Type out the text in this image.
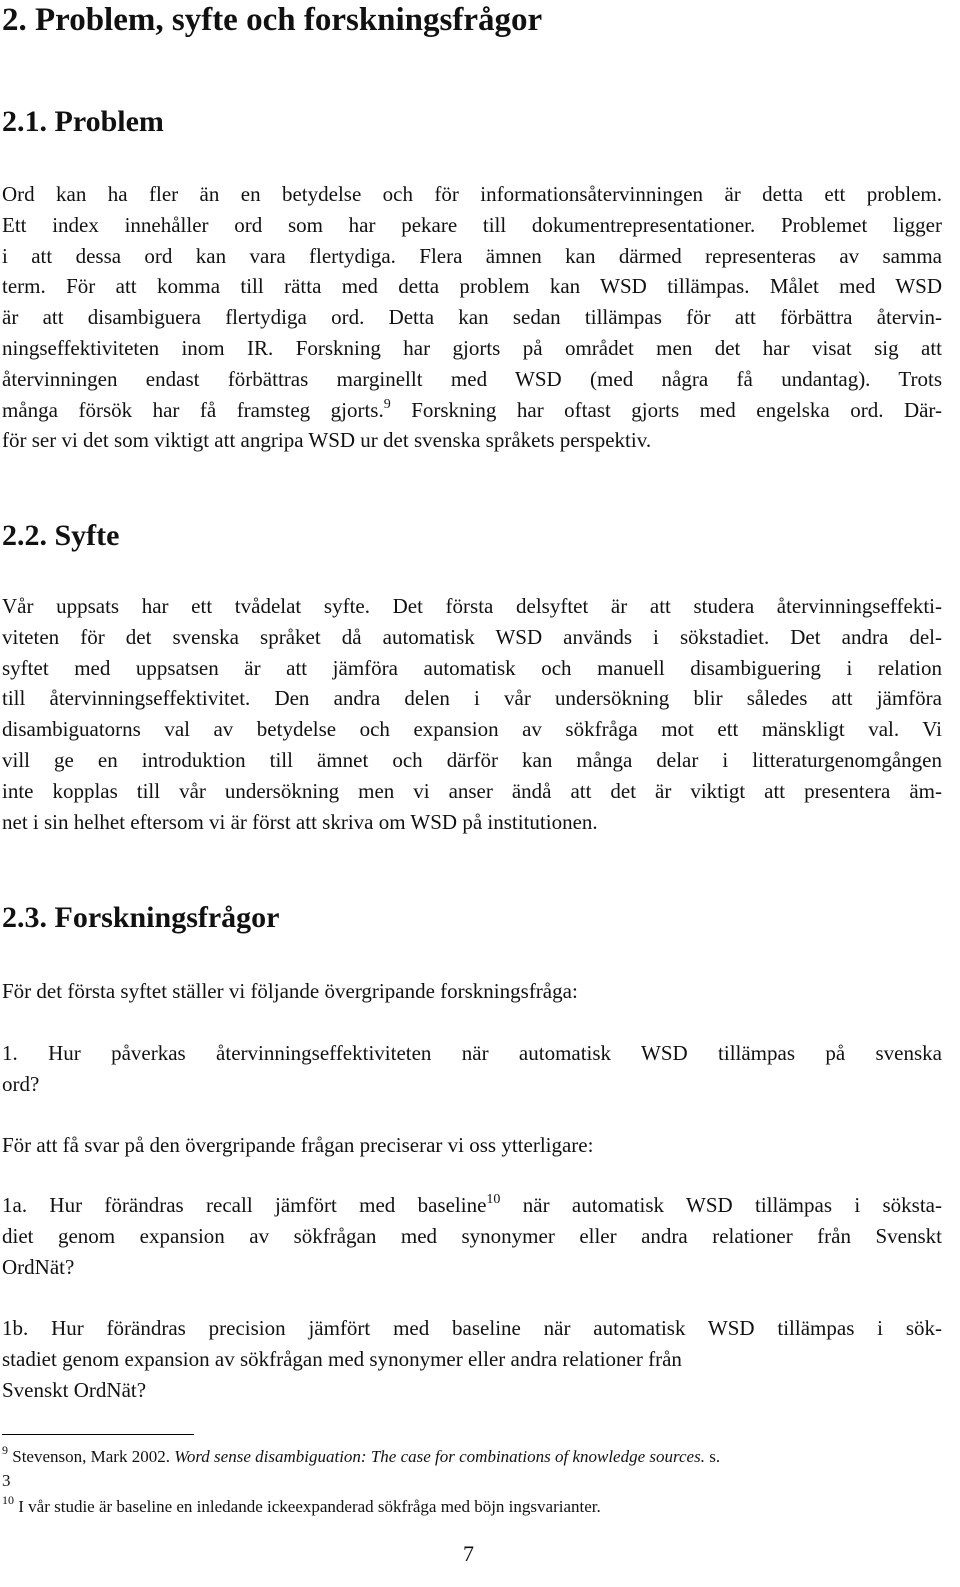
2. Problem, syfte och forskningsfrågor
2.1. Problem
Ord kan ha fler än en betydelse och för informationsåtervinningen är detta ett problem.
Ett index innehåller ord som har pekare till dokumentrepresentationer. Problemet ligger
i att dessa ord kan vara flertydiga. Flera ämnen kan därmed representeras av samma
term. För att komma till rätta med detta problem kan WSD tillämpas. Målet med WSD
är att disambiguera flertydiga ord. Detta kan sedan tillämpas för att förbättra återvin-
ningseffektiviteten inom IR. Forskning har gjorts på området men det har visat sig att
återvinningen endast förbättras marginellt med WSD (med några få undantag). Trots
många försök har få framsteg gjorts.$^9$ Forskning har oftast gjorts med engelska ord. Där-
för ser vi det som viktigt att angripa WSD ur det svenska språkets perspektiv.
2.2. Syfte
Vår uppsats har ett tvådelat syfte. Det första delsyftet är att studera återvinningseffekti-
viteten för det svenska språket då automatisk WSD används i sökstadiet. Det andra del-
syftet med uppsatsen är att jämföra automatisk och manuell disambiguering i relation
till återvinningseffektivitet. Den andra delen i vår undersökning blir således att jämföra
disambiguatorns val av betydelse och expansion av sökfråga mot ett mänskligt val. Vi
vill ge en introduktion till ämnet och därför kan många delar i litteraturgenomgången
inte kopplas till vår undersökning men vi anser ändå att det är viktigt att presentera äm-
net i sin helhet eftersom vi är först att skriva om WSD på institutionen.
2.3. Forskningsfrågor
För det första syftet ställer vi följande övergripande forskningsfråga:
1. Hur påverkas återvinningseffektiviteten när automatisk WSD tillämpas på svenska
ord?
För att få svar på den övergripande frågan preciserar vi oss ytterligare:
1a. Hur förändras recall jämfört med baseline$^{10}$ när automatisk WSD tillämpas i söksta-
diet genom expansion av sökfrågan med synonymer eller andra relationer från Svenskt
OrdNät?
1b. Hur förändras precision jämfört med baseline när automatisk WSD tillämpas i sök-
stadiet genom expansion av sökfrågan med synonymer eller andra relationer från
Svenskt OrdNät?
$^9$ Stevenson, Mark 2002. Word sense disambiguation: The case for combinations of knowledge sources. s.
3
$^{10}$ I vår studie är baseline en inledande ickeexpanderad sökfråga med böjn ingsvarianter.
7
